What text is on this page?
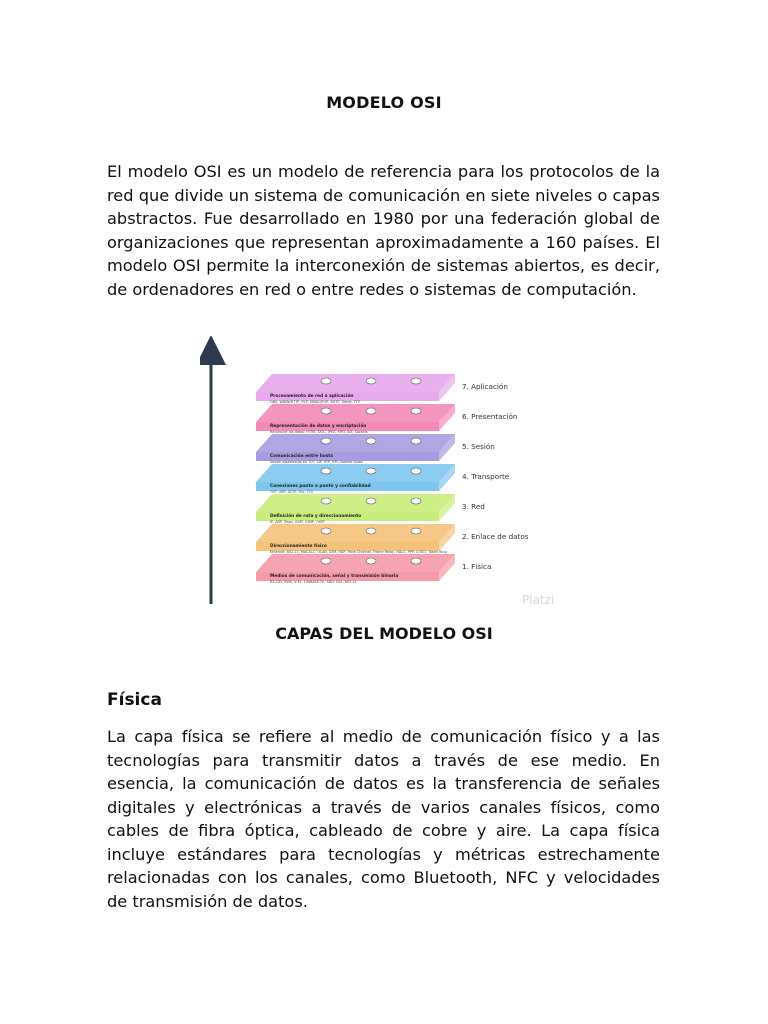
MODELO OSI
El modelo OSI es un modelo de referencia para los protocolos de la red que divide un sistema de comunicación en siete niveles o capas abstractos. Fue desarrollado en 1980 por una federación global de organizaciones que representan aproximadamente a 160 países. El modelo OSI permite la interconexión de sistemas abiertos, es decir, de ordenadores en red o entre redes o sistemas de computación.
Procesamiento de red a aplicación
DNS, WWW/HTTP, P2P, EMAIL/POP, SMTP, Telnet, FTP
7. Aplicación
Representación de datos y encriptación
Reconocer los datos: HTML, DOC, JPEG, MP3, AVI, Sockets
6. Presentación
Comunicación entre hosts
Sesión establecida en TCP, SIP, RTP, RPC-Named pipes
5. Sesión
Conexiones punto a punto y confiabilidad
TCP, UDP, SCTP, SSL, TLS
4. Transporte
Definición de ruta y direccionamiento
IP, ARP, IPsec, ICMP, IGMP, OSPF
3. Red
Direccionamiento físico
Ethernet, 802.11, MAC/LLC, VLAN, ATM, HDP, Fibre Channel, Frame Relay, HDLC, PPP, Q.921, Token Ring
2. Enlace de datos
Medios de comunicación, señal y transmisión binaria
RS-232, RJ45, V.34, 100BASE-TX, SDH, DSL, 802.11
1. Física
Platzi
CAPAS DEL MODELO OSI
Física
La capa física se refiere al medio de comunicación físico y a las tecnologías para transmitir datos a través de ese medio. En esencia, la comunicación de datos es la transferencia de señales digitales y electrónicas a través de varios canales físicos, como cables de fibra óptica, cableado de cobre y aire. La capa física incluye estándares para tecnologías y métricas estrechamente relacionadas con los canales, como Bluetooth, NFC y velocidades de transmisión de datos.
